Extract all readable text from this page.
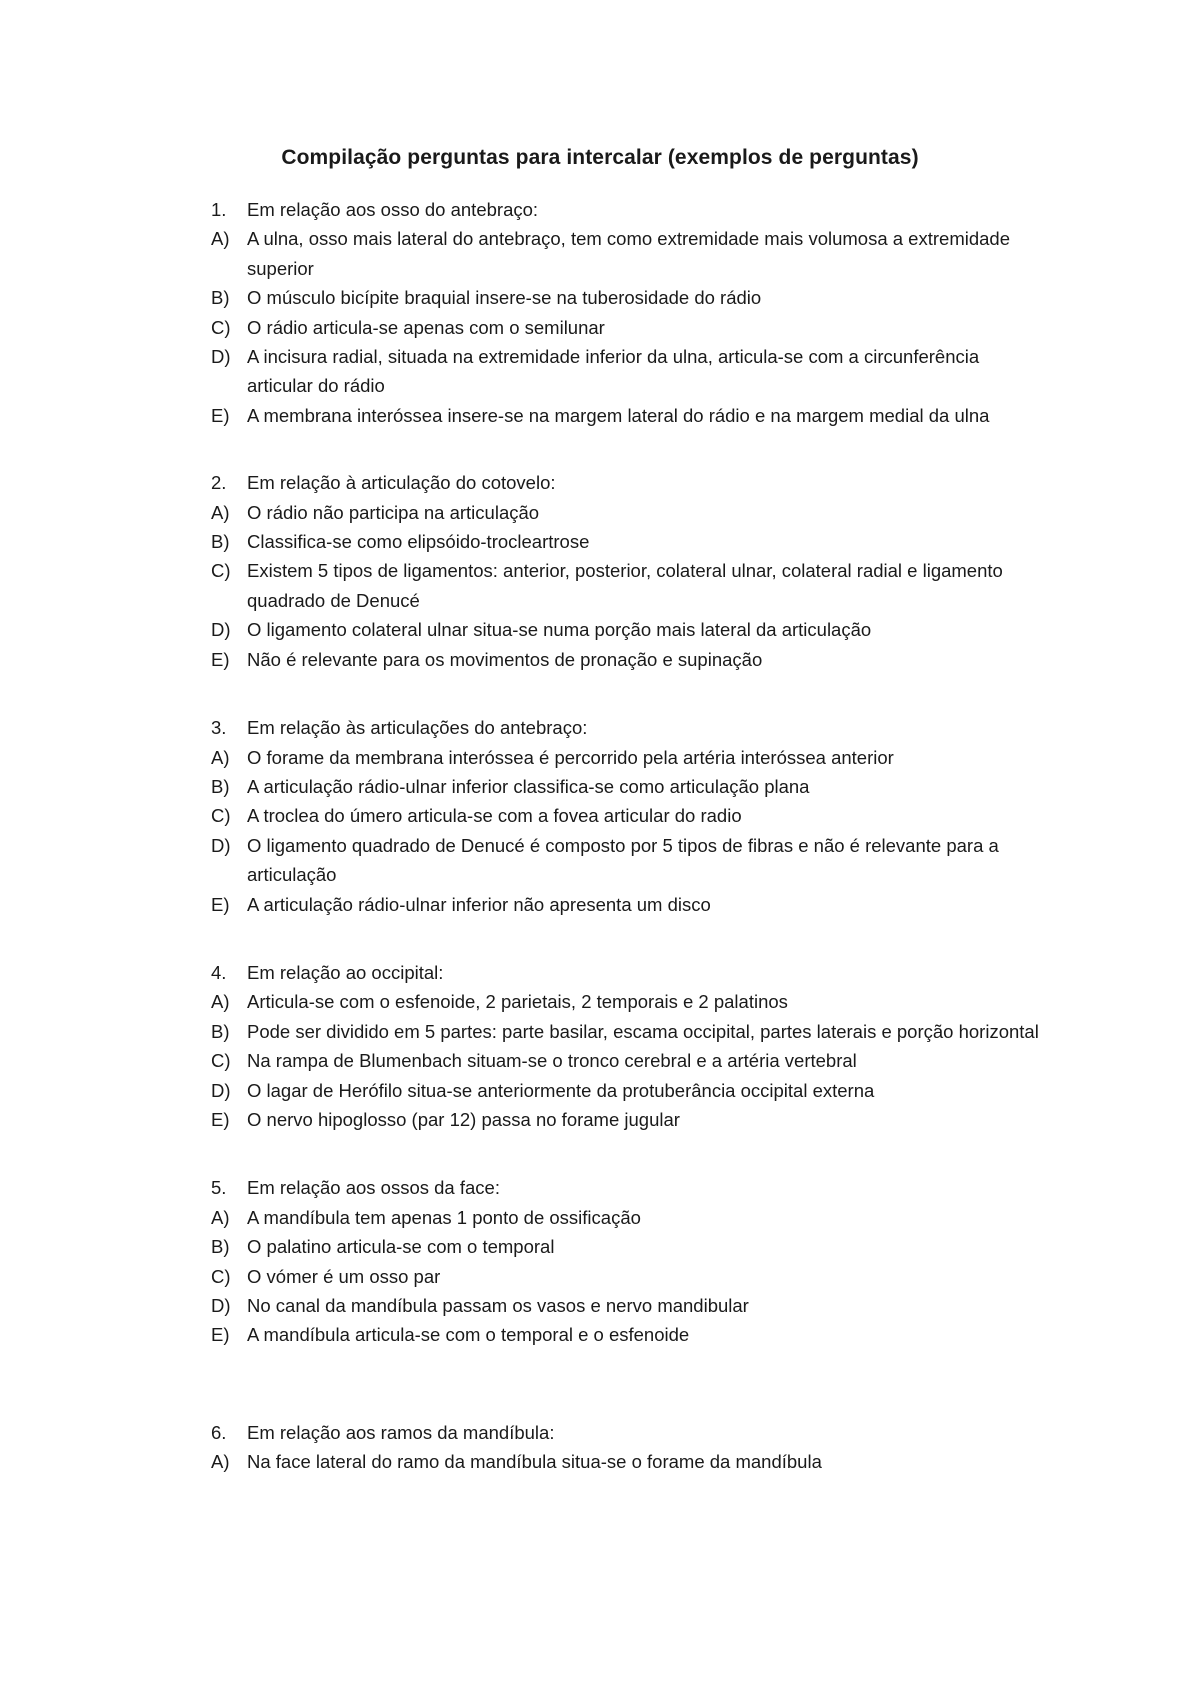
Compilação perguntas para intercalar (exemplos de perguntas)
1.	Em relação aos osso do antebraço:
A) A ulna, osso mais lateral do antebraço, tem como extremidade mais volumosa a extremidade superior
B) O músculo bicípite braquial insere-se na tuberosidade do rádio
C) O rádio articula-se apenas com o semilunar
D) A incisura radial, situada na extremidade inferior da ulna, articula-se com a circunferência articular do rádio
E) A membrana interóssea insere-se na margem lateral do rádio e na margem medial da ulna
2.	Em relação à articulação do cotovelo:
A) O rádio não participa na articulação
B) Classifica-se como elipsóido-trocleartrose
C) Existem 5 tipos de ligamentos: anterior, posterior, colateral ulnar, colateral radial e ligamento quadrado de Denucé
D) O ligamento colateral ulnar situa-se numa porção mais lateral da articulação
E) Não é relevante para os movimentos de pronação e supinação
3.	Em relação às articulações do antebraço:
A) O forame da membrana interóssea é percorrido pela artéria interóssea anterior
B) A articulação rádio-ulnar inferior classifica-se como articulação plana
C) A troclea do úmero articula-se com a fovea articular do radio
D) O ligamento quadrado de Denucé é composto por 5 tipos de fibras e não é relevante para a articulação
E) A articulação rádio-ulnar inferior não apresenta um disco
4.	Em relação ao occipital:
A) Articula-se com o esfenoide, 2 parietais, 2 temporais e 2 palatinos
B) Pode ser dividido em 5 partes: parte basilar, escama occipital, partes laterais e porção horizontal
C) Na rampa de Blumenbach situam-se o tronco cerebral e a artéria vertebral
D) O lagar de Herófilo situa-se anteriormente da protuberância occipital externa
E) O nervo hipoglosso (par 12) passa no forame jugular
5.	Em relação aos ossos da face:
A) A mandíbula tem apenas 1 ponto de ossificação
B) O palatino articula-se com o temporal
C) O vómer é um osso par
D) No canal da mandíbula passam os vasos e nervo mandibular
E) A mandíbula articula-se com o temporal e o esfenoide
6.	Em relação aos ramos da mandíbula:
A) Na face lateral do ramo da mandíbula situa-se o forame da mandíbula
